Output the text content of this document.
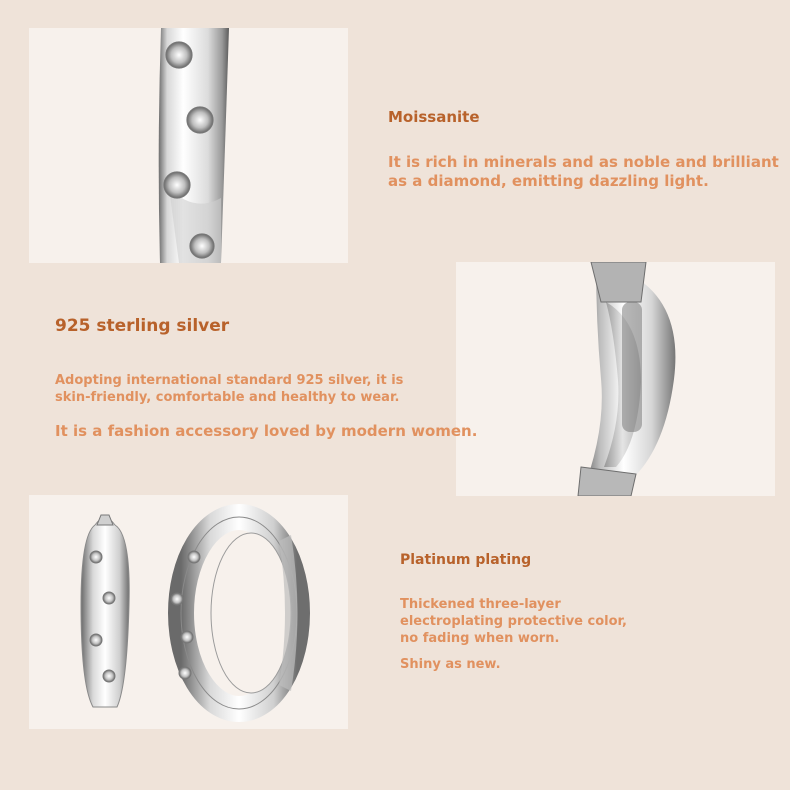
Moissanite
It is rich in minerals and as noble and brilliant
as a diamond, emitting dazzling light.
925 sterling silver
Adopting international standard 925 silver, it is
skin-friendly, comfortable and healthy to wear.
It is a fashion accessory loved by modern women.
Platinum plating
Thickened three-layer
electroplating protective color,
no fading when worn.
Shiny as new.
